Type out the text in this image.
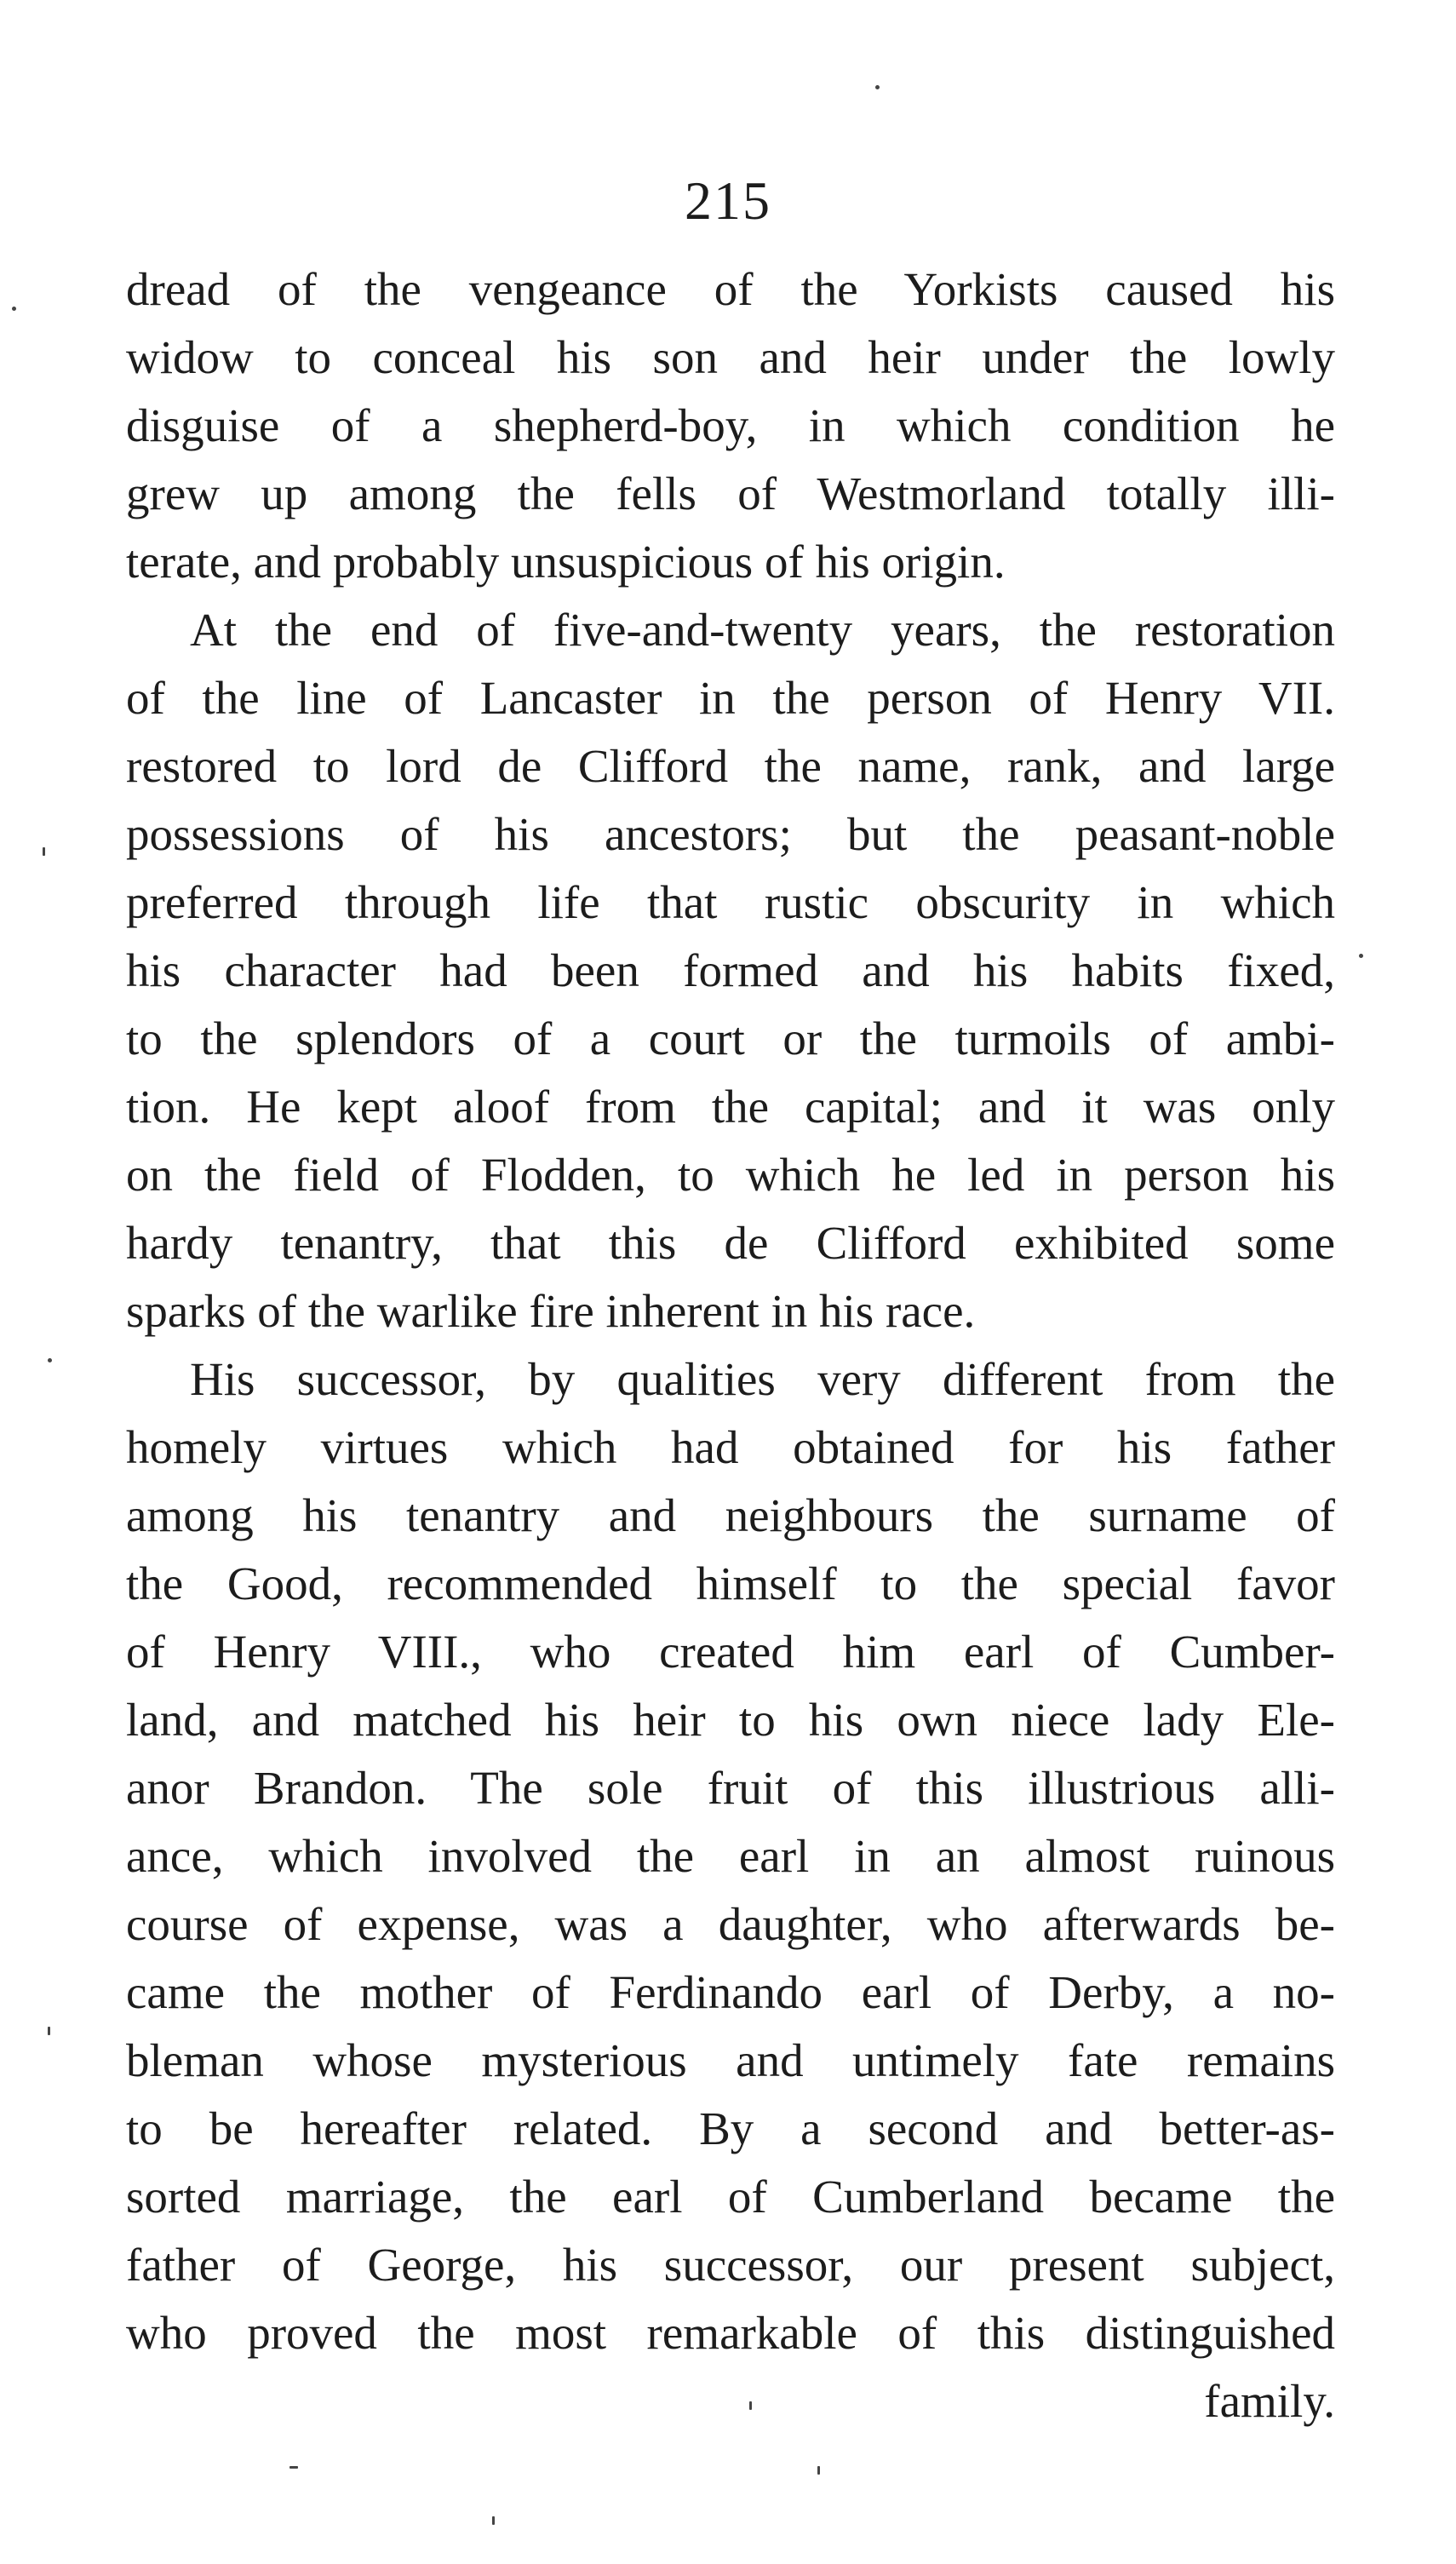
215
dread of the vengeance of the Yorkists caused his
widow to conceal his son and heir under the lowly
disguise of a shepherd-boy, in which condition he
grew up among the fells of Westmorland totally illi-
terate, and probably unsuspicious of his origin.
At the end of five-and-twenty years, the restoration
of the line of Lancaster in the person of Henry VII.
restored to lord de Clifford the name, rank, and large
possessions of his ancestors; but the peasant-noble
preferred through life that rustic obscurity in which
his character had been formed and his habits fixed,
to the splendors of a court or the turmoils of ambi-
tion. He kept aloof from the capital; and it was only
on the field of Flodden, to which he led in person his
hardy tenantry, that this de Clifford exhibited some
sparks of the warlike fire inherent in his race.
His successor, by qualities very different from the
homely virtues which had obtained for his father
among his tenantry and neighbours the surname of
the Good, recommended himself to the special favor
of Henry VIII., who created him earl of Cumber-
land, and matched his heir to his own niece lady Ele-
anor Brandon. The sole fruit of this illustrious alli-
ance, which involved the earl in an almost ruinous
course of expense, was a daughter, who afterwards be-
came the mother of Ferdinando earl of Derby, a no-
bleman whose mysterious and untimely fate remains
to be hereafter related. By a second and better-as-
sorted marriage, the earl of Cumberland became the
father of George, his successor, our present subject,
who proved the most remarkable of this distinguished
family.
